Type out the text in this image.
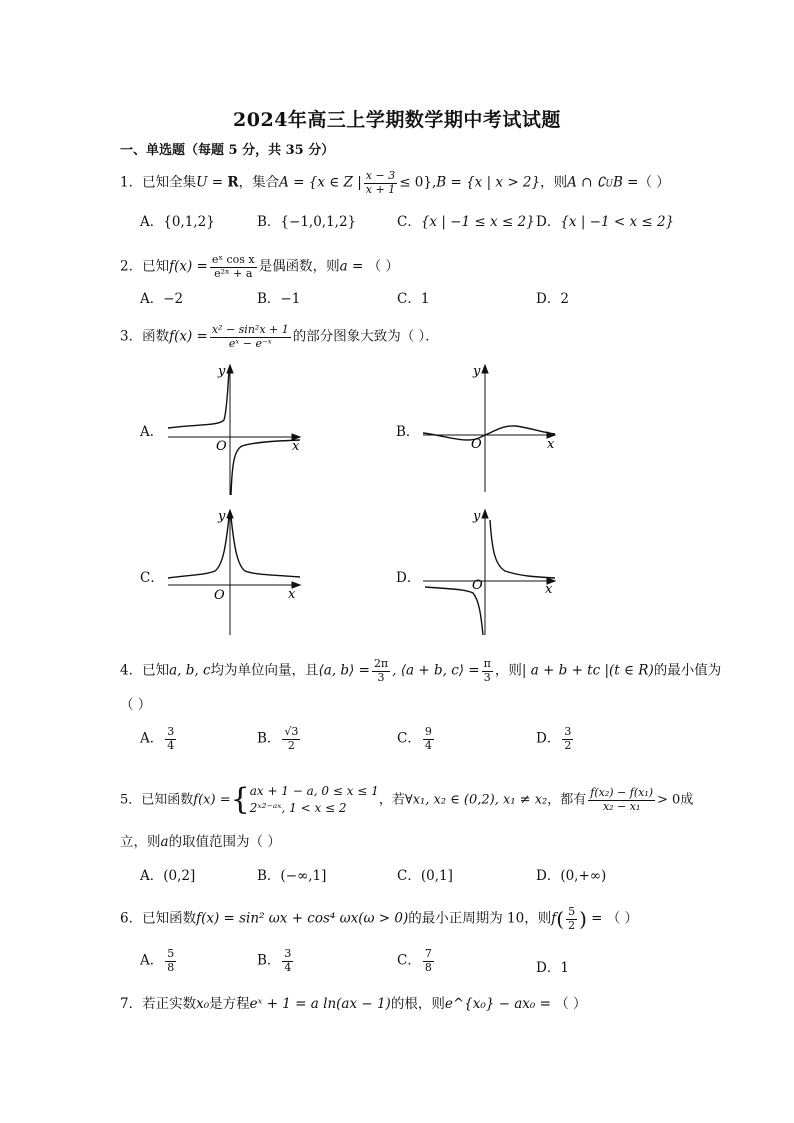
2024年高三上学期数学期中考试试题
一、单选题（每题 5 分，共 35 分）
1．已知全集U = R，集合A = {x ∈ Z | $\frac{x - 3}{x + 1} \le 0\},B = \{x$ | x > 2}，则A ∩ ∁UB =（ ）
A．{0,1,2}	B．{−1,0,1,2}	C．{x | −1 ≤ x ≤ 2} D．{x | −1 < x ≤ 2}
2．已知$f(x) = \frac{\text{eˣ cos x}}{\text{e²ˣ + a}}$ 是偶函数，则a = （ ）
A．−2	B．−1	C．1	D．2
3．函数$f(x) = \frac{\text{x² − sin²x + 1}}{\text{eˣ − e⁻ˣ}}$ 的部分图象大致为（ ）．
A．	B．
C．	D．
y
x
O
y
x
O
y
x
O
y
x
O
4．已知a, b, c均为单位向量，且⟨a, b⟩ = $\frac{2\pi}{3}$ , ⟨a + b, c⟩ = $\frac{\pi}{3}$ ，则| a + b + tc |(t ∈ R)的最小值为
（ ）
A． $\frac{3}{4}$	B． $\frac{√3}{2}$	C． $\frac{9}{4}$	D． $\frac{3}{2}$
5．已知函数f(x) ={ ax + 1 − a, 0 ≤ x ≤ 1
2ˣ²⁻ᵃˣ, 1 < x ≤ 2
，若∀x₁, x₂ ∈ (0,2), x₁ ≠ x₂，都有 $\frac{\text{f(x₂) − f(x₁)}}{\text{x₂ − x₁}} > 0$成
立，则a的取值范围为（ ）
A．(0,2]	B．(−∞,1]	C．(0,1]	D．(0,+∞)
6．已知函数f(x) = sin² ωx + cos⁴ ωx(ω > 0)的最小正周期为 10，则$f( \frac{5}{2}$ ) = （ ）
A． $\frac{5}{8}$	B． $\frac{3}{4}$	C． $\frac{7}{8}$	D．1
7．若正实数x₀是方程eˣ + 1 = a ln(ax − 1)的根，则e^{x₀} − ax₀ = （ ）
